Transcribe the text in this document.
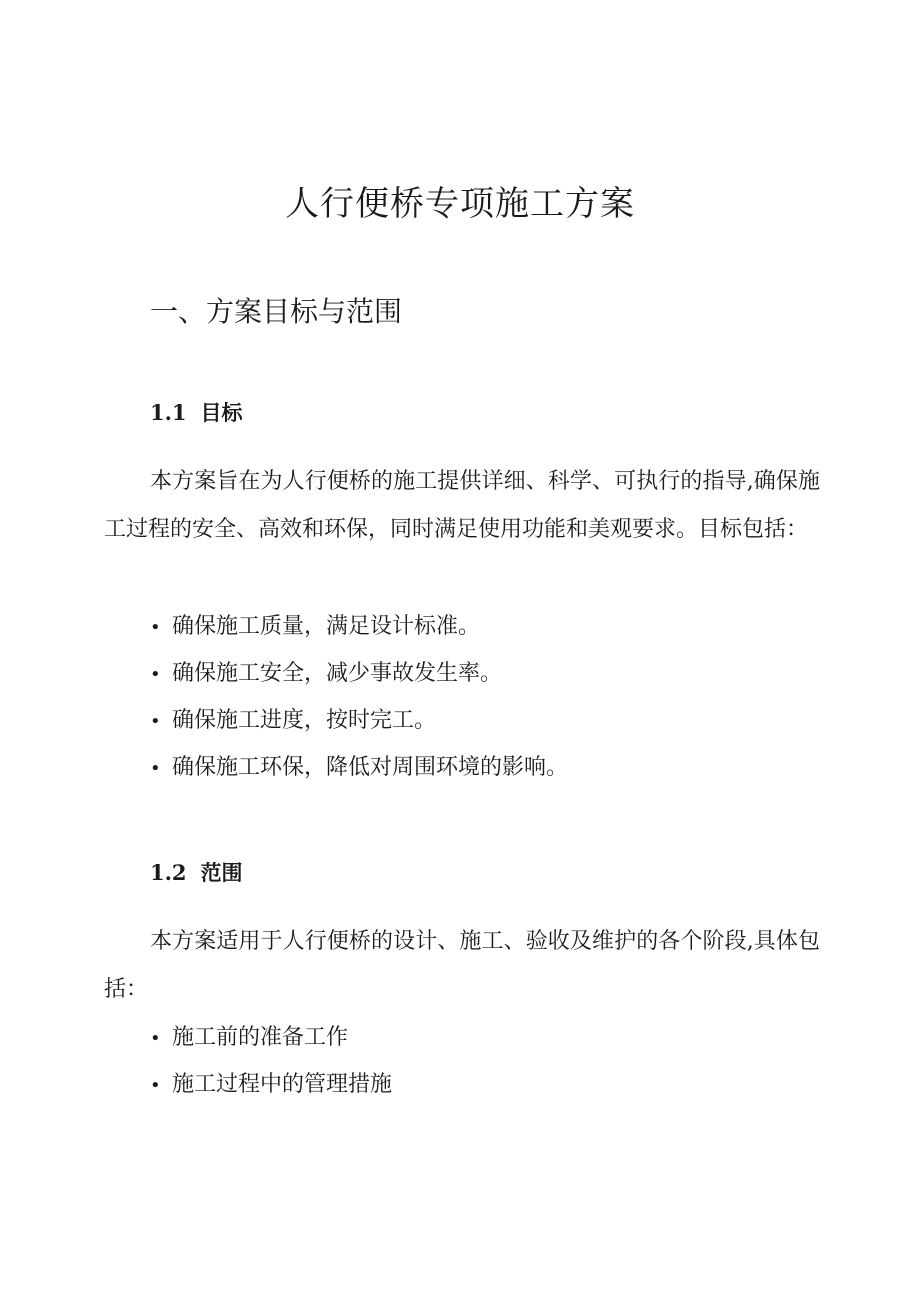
人行便桥专项施工方案
一、方案目标与范围
1.1 目标

本方案旨在为人行便桥的施工提供详细、科学、可执行的指导,确保施工过程的安全、高效和环保，同时满足使用功能和美观要求。目标包括：

• 确保施工质量，满足设计标准。
• 确保施工安全，减少事故发生率。
• 确保施工进度，按时完工。
• 确保施工环保，降低对周围环境的影响。
1.2 范围

本方案适用于人行便桥的设计、施工、验收及维护的各个阶段,具体包括：

• 施工前的准备工作
• 施工过程中的管理措施
